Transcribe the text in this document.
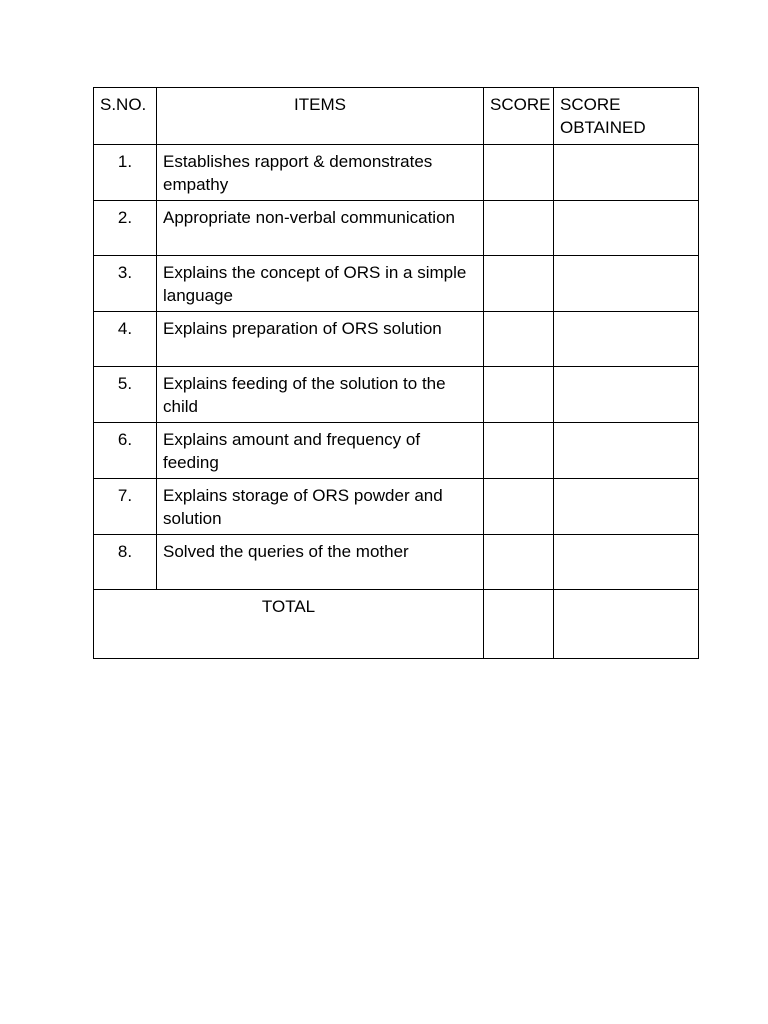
S.NO.	ITEMS	SCORE	SCORE OBTAINED
1.	Establishes rapport & demonstrates empathy		
2.	Appropriate non-verbal communication		
3.	Explains the concept of ORS in a simple language		
4.	Explains preparation of ORS solution		
5.	Explains feeding of the solution to the child		
6.	Explains amount and frequency of feeding		
7.	Explains storage of ORS powder and solution		
8.	Solved the queries of the mother		
TOTAL			
